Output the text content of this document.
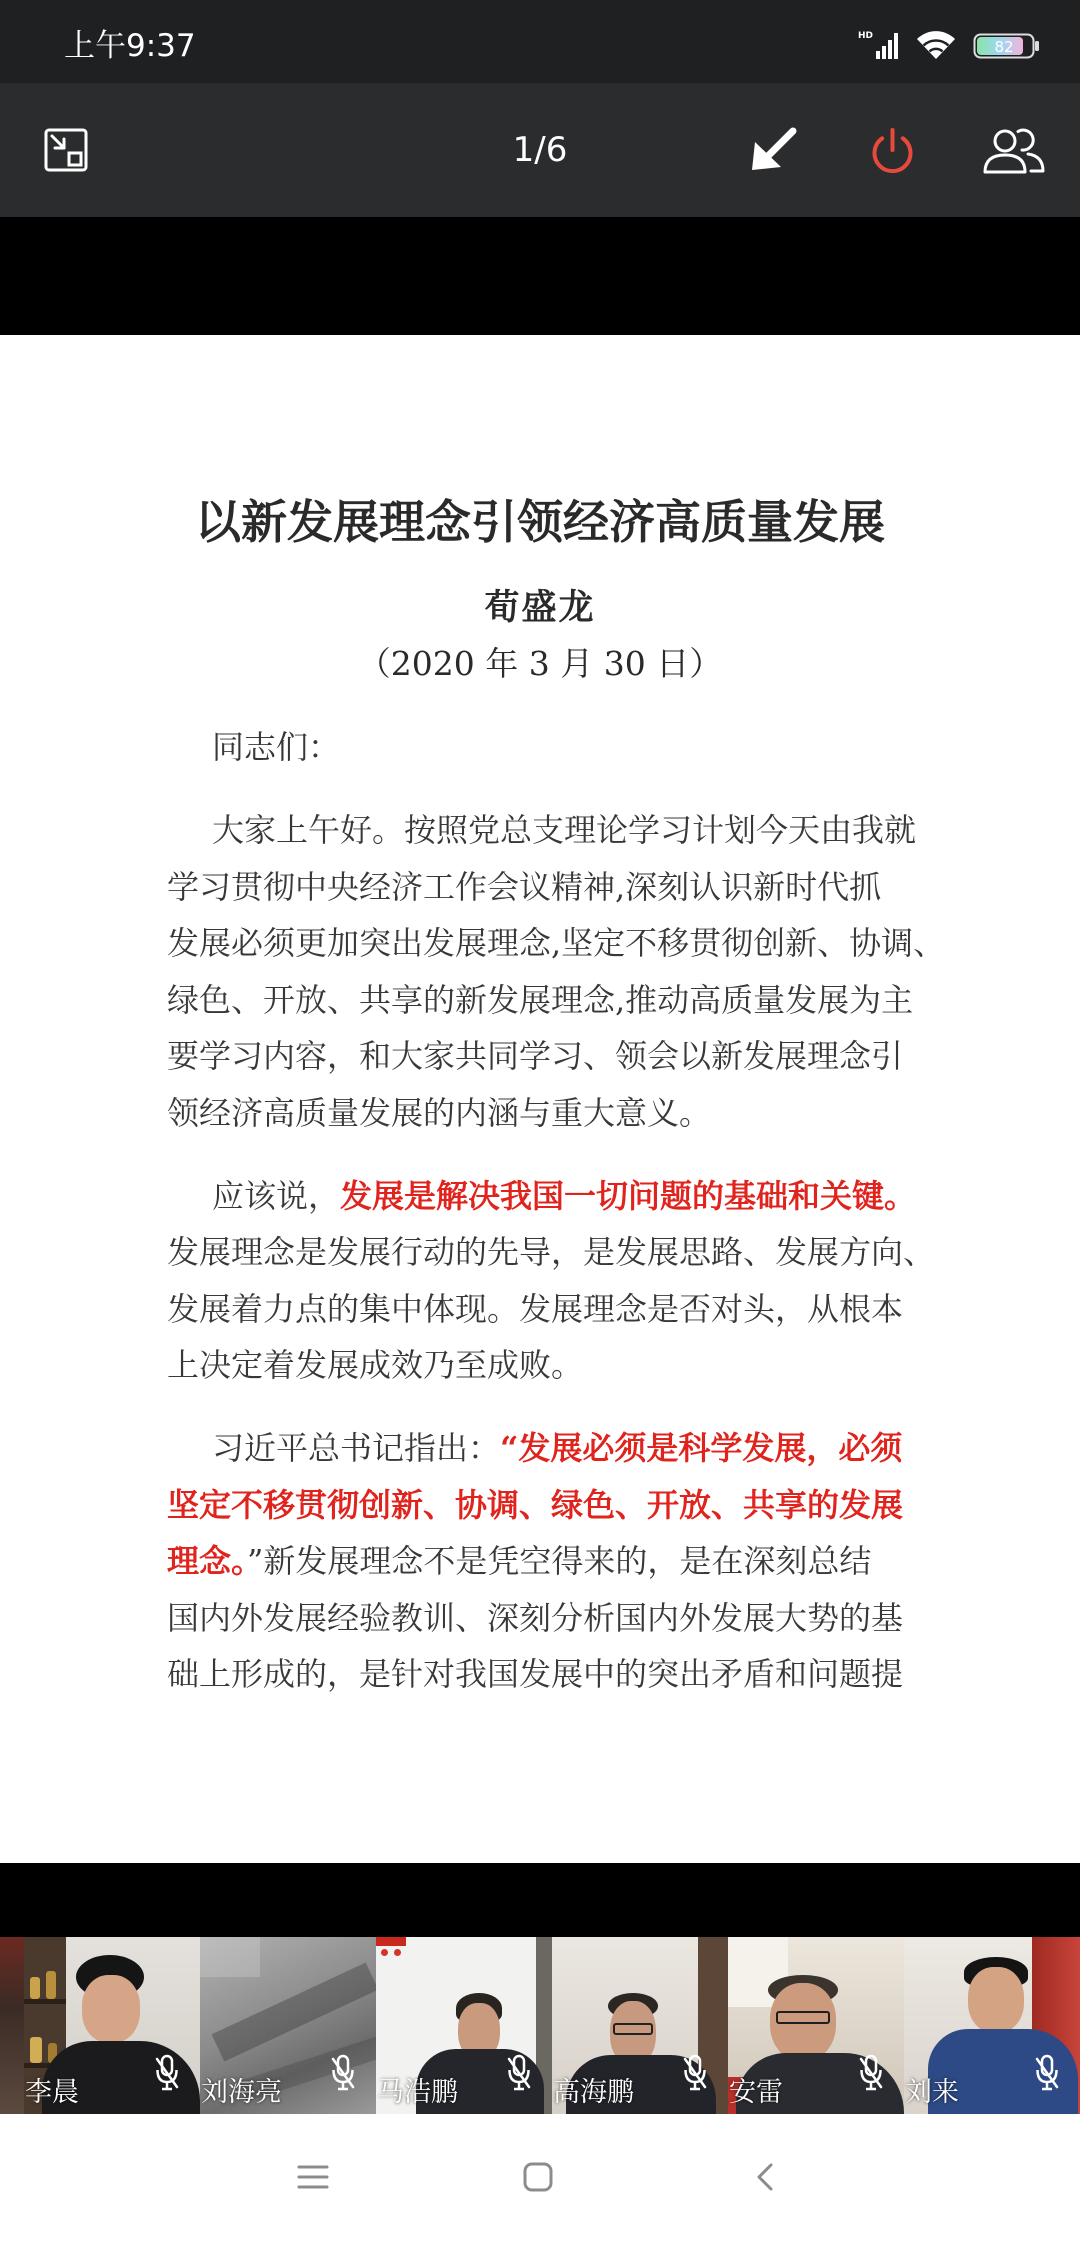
上午9:37	HD
82
1/6
以新发展理念引领经济高质量发展
荀盛龙
（2020 年 3 月 30 日）
同志们：
大家上午好。按照党总支理论学习计划今天由我就
学习贯彻中央经济工作会议精神,深刻认识新时代抓
发展必须更加突出发展理念,坚定不移贯彻创新、协调、
绿色、开放、共享的新发展理念,推动高质量发展为主
要学习内容，和大家共同学习、领会以新发展理念引
领经济高质量发展的内涵与重大意义。
应该说，发展是解决我国一切问题的基础和关键。
发展理念是发展行动的先导，是发展思路、发展方向、
发展着力点的集中体现。发展理念是否对头，从根本
上决定着发展成效乃至成败。
习近平总书记指出：“发展必须是科学发展，必须
坚定不移贯彻创新、协调、绿色、开放、共享的发展
理念。”新发展理念不是凭空得来的，是在深刻总结
国内外发展经验教训、深刻分析国内外发展大势的基
础上形成的，是针对我国发展中的突出矛盾和问题提
李晨	刘海亮	马浩鹏	高海鹏	安雷	刘来
